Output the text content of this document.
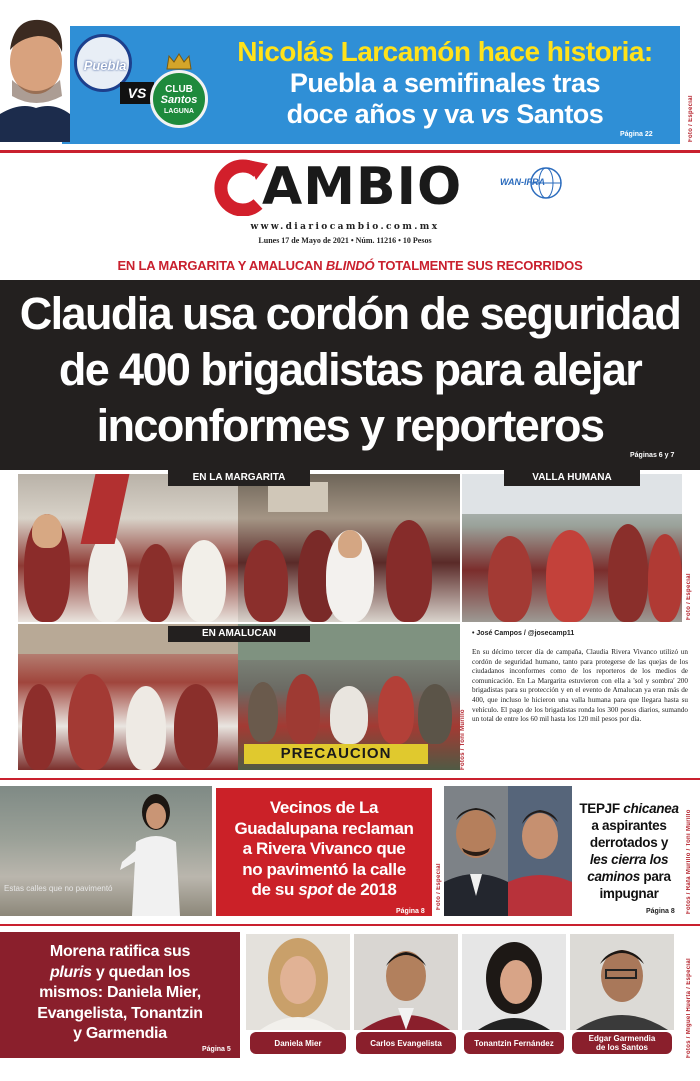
Puebla
VS	CLUB
Santos
LAGUNA
Nicolás Larcamón hace historia:
Puebla a semifinales tras
doce años y va vs Santos
Página 22	Foto / Especial
AMBIO	WAN-IFRA
www.diariocambio.com.mx
Lunes 17 de Mayo de 2021 • Núm. 11216 • 10 Pesos
EN LA MARGARITA Y AMALUCAN BLINDÓ TOTALMENTE SUS RECORRIDOS
Claudia usa cordón de seguridad
de 400 brigadistas para alejar
inconformes y reporteros
Páginas 6 y 7
PRECAUCION
EN LA MARGARITA	VALLA HUMANA
EN AMALUCAN
Fotos / Toni Murillo
Foto / Especial
• José Campos / @josecamp11
En su décimo tercer día de campaña, Claudia Rivera Vivanco utilizó un cordón de seguridad humano, tanto para protegerse de las quejas de los ciudadanos inconformes como de los reporteros de los medios de comunicación. En La Margarita estuvieron con ella a 'sol y sombra' 200 brigadistas para su protección y en el evento de Amalucan ya eran más de 400, que incluso le hicieron una valla humana para que llegara hasta su vehículo. El pago de los brigadistas ronda los 300 pesos diarios, sumando un total de entre los 60 mil hasta los 120 mil pesos por día.
Estas calles que no pavimentó
Vecinos de La
Guadalupana reclaman
a Rivera Vivanco que
no pavimentó la calle
de su spot de 2018
Página 8
Foto / Especial
TEPJF chicanea
a aspirantes
derrotados y
les cierra los
caminos para
impugnar
Página 8 Fotos / Rafa Murillo / Toni Murillo
Morena ratifica sus
pluris y quedan los
mismos: Daniela Mier,
Evangelista, Tonantzin
y Garmendia
Página 5
Daniela Mier	Carlos Evangelista	Tonantzin Fernández	Edgar Garmendia
de los Santos	Fotos / Miguel Huerta / Especial
